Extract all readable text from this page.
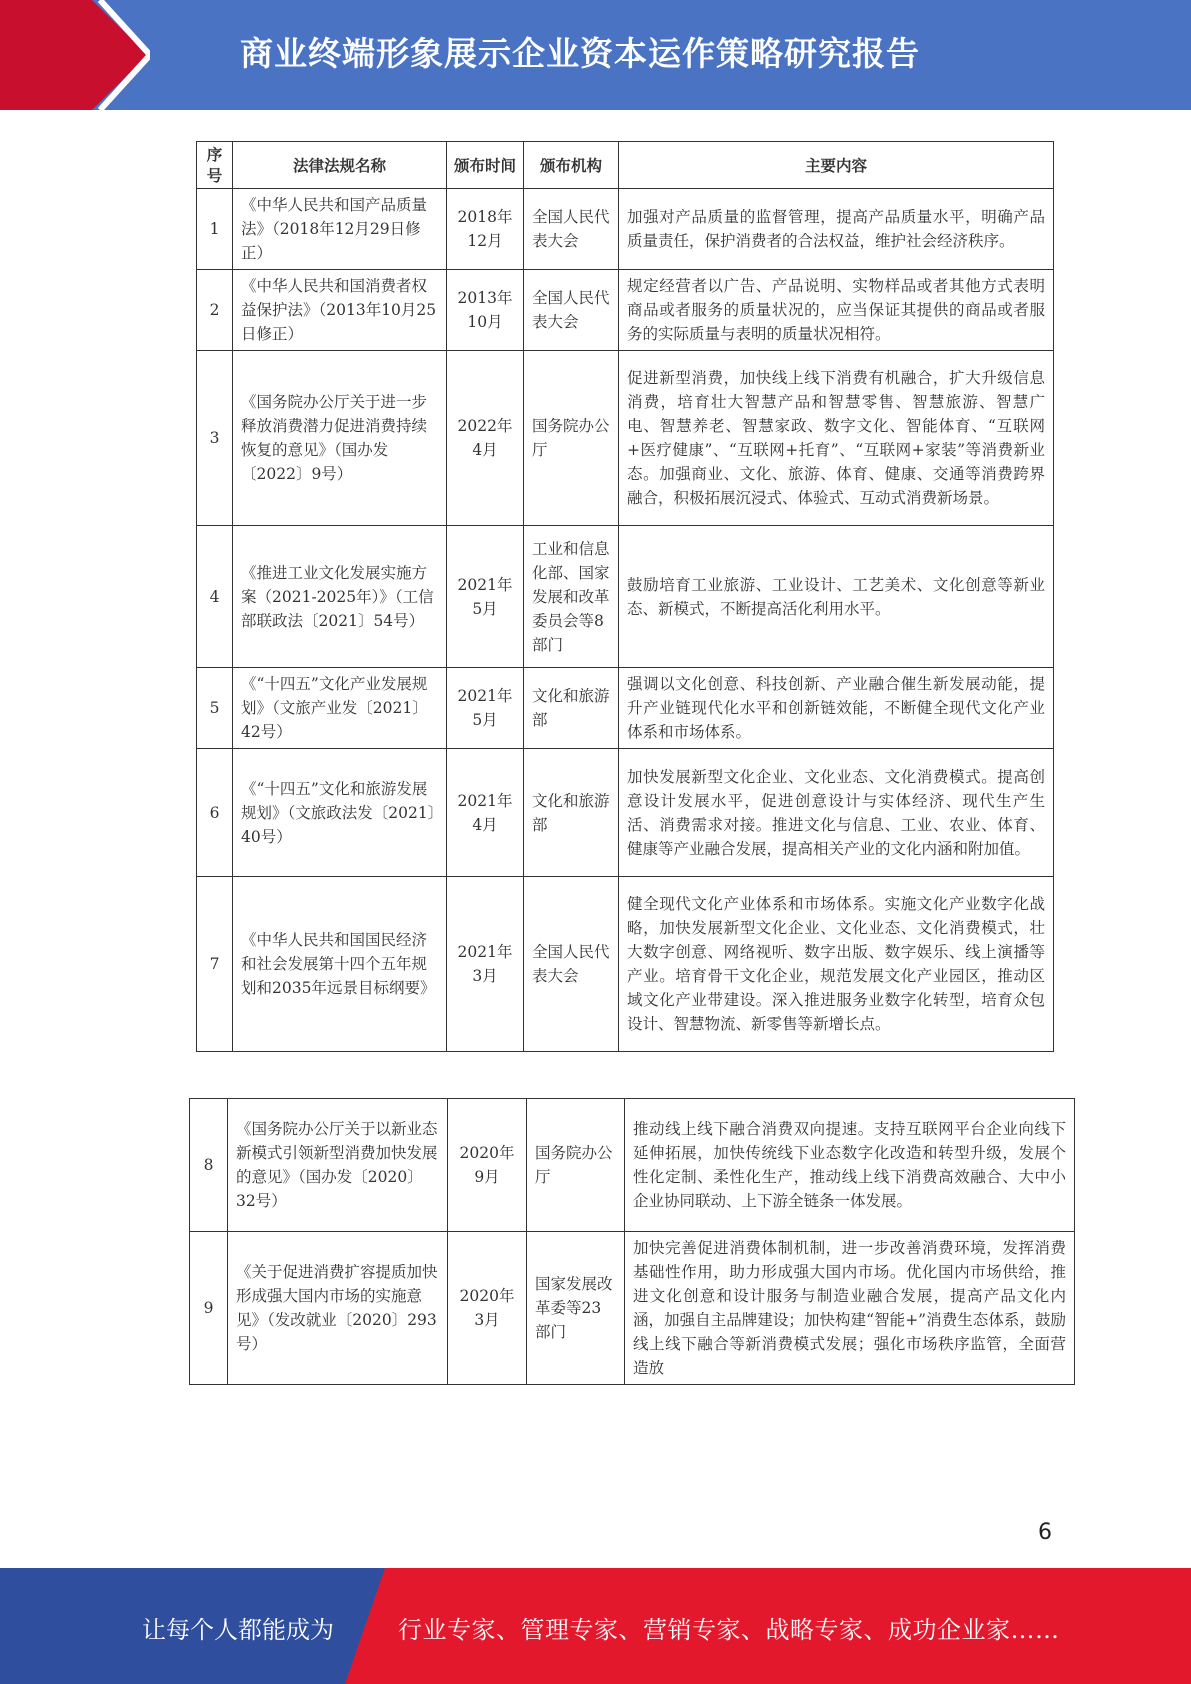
商业终端形象展示企业资本运作策略研究报告
序号	法律法规名称	颁布时间	颁布机构	主要内容
1	《中华人民共和国产品质量法》（2018年12月29日修正）	2018年12月	全国人民代表大会	加强对产品质量的监督管理，提高产品质量水平，明确产品质量责任，保护消费者的合法权益，维护社会经济秩序。
2	《中华人民共和国消费者权益保护法》（2013年10月25日修正）	2013年10月	全国人民代表大会	规定经营者以广告、产品说明、实物样品或者其他方式表明商品或者服务的质量状况的，应当保证其提供的商品或者服务的实际质量与表明的质量状况相符。
3	《国务院办公厅关于进一步释放消费潜力促进消费持续恢复的意见》（国办发〔2022〕9号）	2022年4月	国务院办公厅	促进新型消费，加快线上线下消费有机融合，扩大升级信息消费，培育壮大智慧产品和智慧零售、智慧旅游、智慧广电、智慧养老、智慧家政、数字文化、智能体育、“互联网+医疗健康”、“互联网+托育”、“互联网+家装”等消费新业态。加强商业、文化、旅游、体育、健康、交通等消费跨界融合，积极拓展沉浸式、体验式、互动式消费新场景。
4	《推进工业文化发展实施方案（2021-2025年）》（工信部联政法〔2021〕54号）	2021年5月	工业和信息化部、国家发展和改革委员会等8部门	鼓励培育工业旅游、工业设计、工艺美术、文化创意等新业态、新模式，不断提高活化利用水平。
5	《“十四五”文化产业发展规划》（文旅产业发〔2021〕42号）	2021年5月	文化和旅游部	强调以文化创意、科技创新、产业融合催生新发展动能，提升产业链现代化水平和创新链效能，不断健全现代文化产业体系和市场体系。
6	《“十四五”文化和旅游发展规划》（文旅政法发〔2021〕40号）	2021年4月	文化和旅游部	加快发展新型文化企业、文化业态、文化消费模式。提高创意设计发展水平，促进创意设计与实体经济、现代生产生活、消费需求对接。推进文化与信息、工业、农业、体育、健康等产业融合发展，提高相关产业的文化内涵和附加值。
7	《中华人民共和国国民经济和社会发展第十四个五年规划和2035年远景目标纲要》	2021年3月	全国人民代表大会	健全现代文化产业体系和市场体系。实施文化产业数字化战略，加快发展新型文化企业、文化业态、文化消费模式，壮大数字创意、网络视听、数字出版、数字娱乐、线上演播等产业。培育骨干文化企业，规范发展文化产业园区，推动区域文化产业带建设。深入推进服务业数字化转型，培育众包设计、智慧物流、新零售等新增长点。
8	《国务院办公厅关于以新业态新模式引领新型消费加快发展的意见》（国办发〔2020〕32号）	2020年9月	国务院办公厅	推动线上线下融合消费双向提速。支持互联网平台企业向线下延伸拓展，加快传统线下业态数字化改造和转型升级，发展个性化定制、柔性化生产，推动线上线下消费高效融合、大中小企业协同联动、上下游全链条一体发展。
9	《关于促进消费扩容提质加快形成强大国内市场的实施意见》（发改就业〔2020〕293号）	2020年3月	国家发展改革委等23部门	加快完善促进消费体制机制，进一步改善消费环境，发挥消费基础性作用，助力形成强大国内市场。优化国内市场供给，推进文化创意和设计服务与制造业融合发展，提高产品文化内涵，加强自主品牌建设；加快构建“智能+”消费生态体系，鼓励线上线下融合等新消费模式发展；强化市场秩序监管，全面营造放
6
让每个人都能成为	行业专家、管理专家、营销专家、战略专家、成功企业家……
